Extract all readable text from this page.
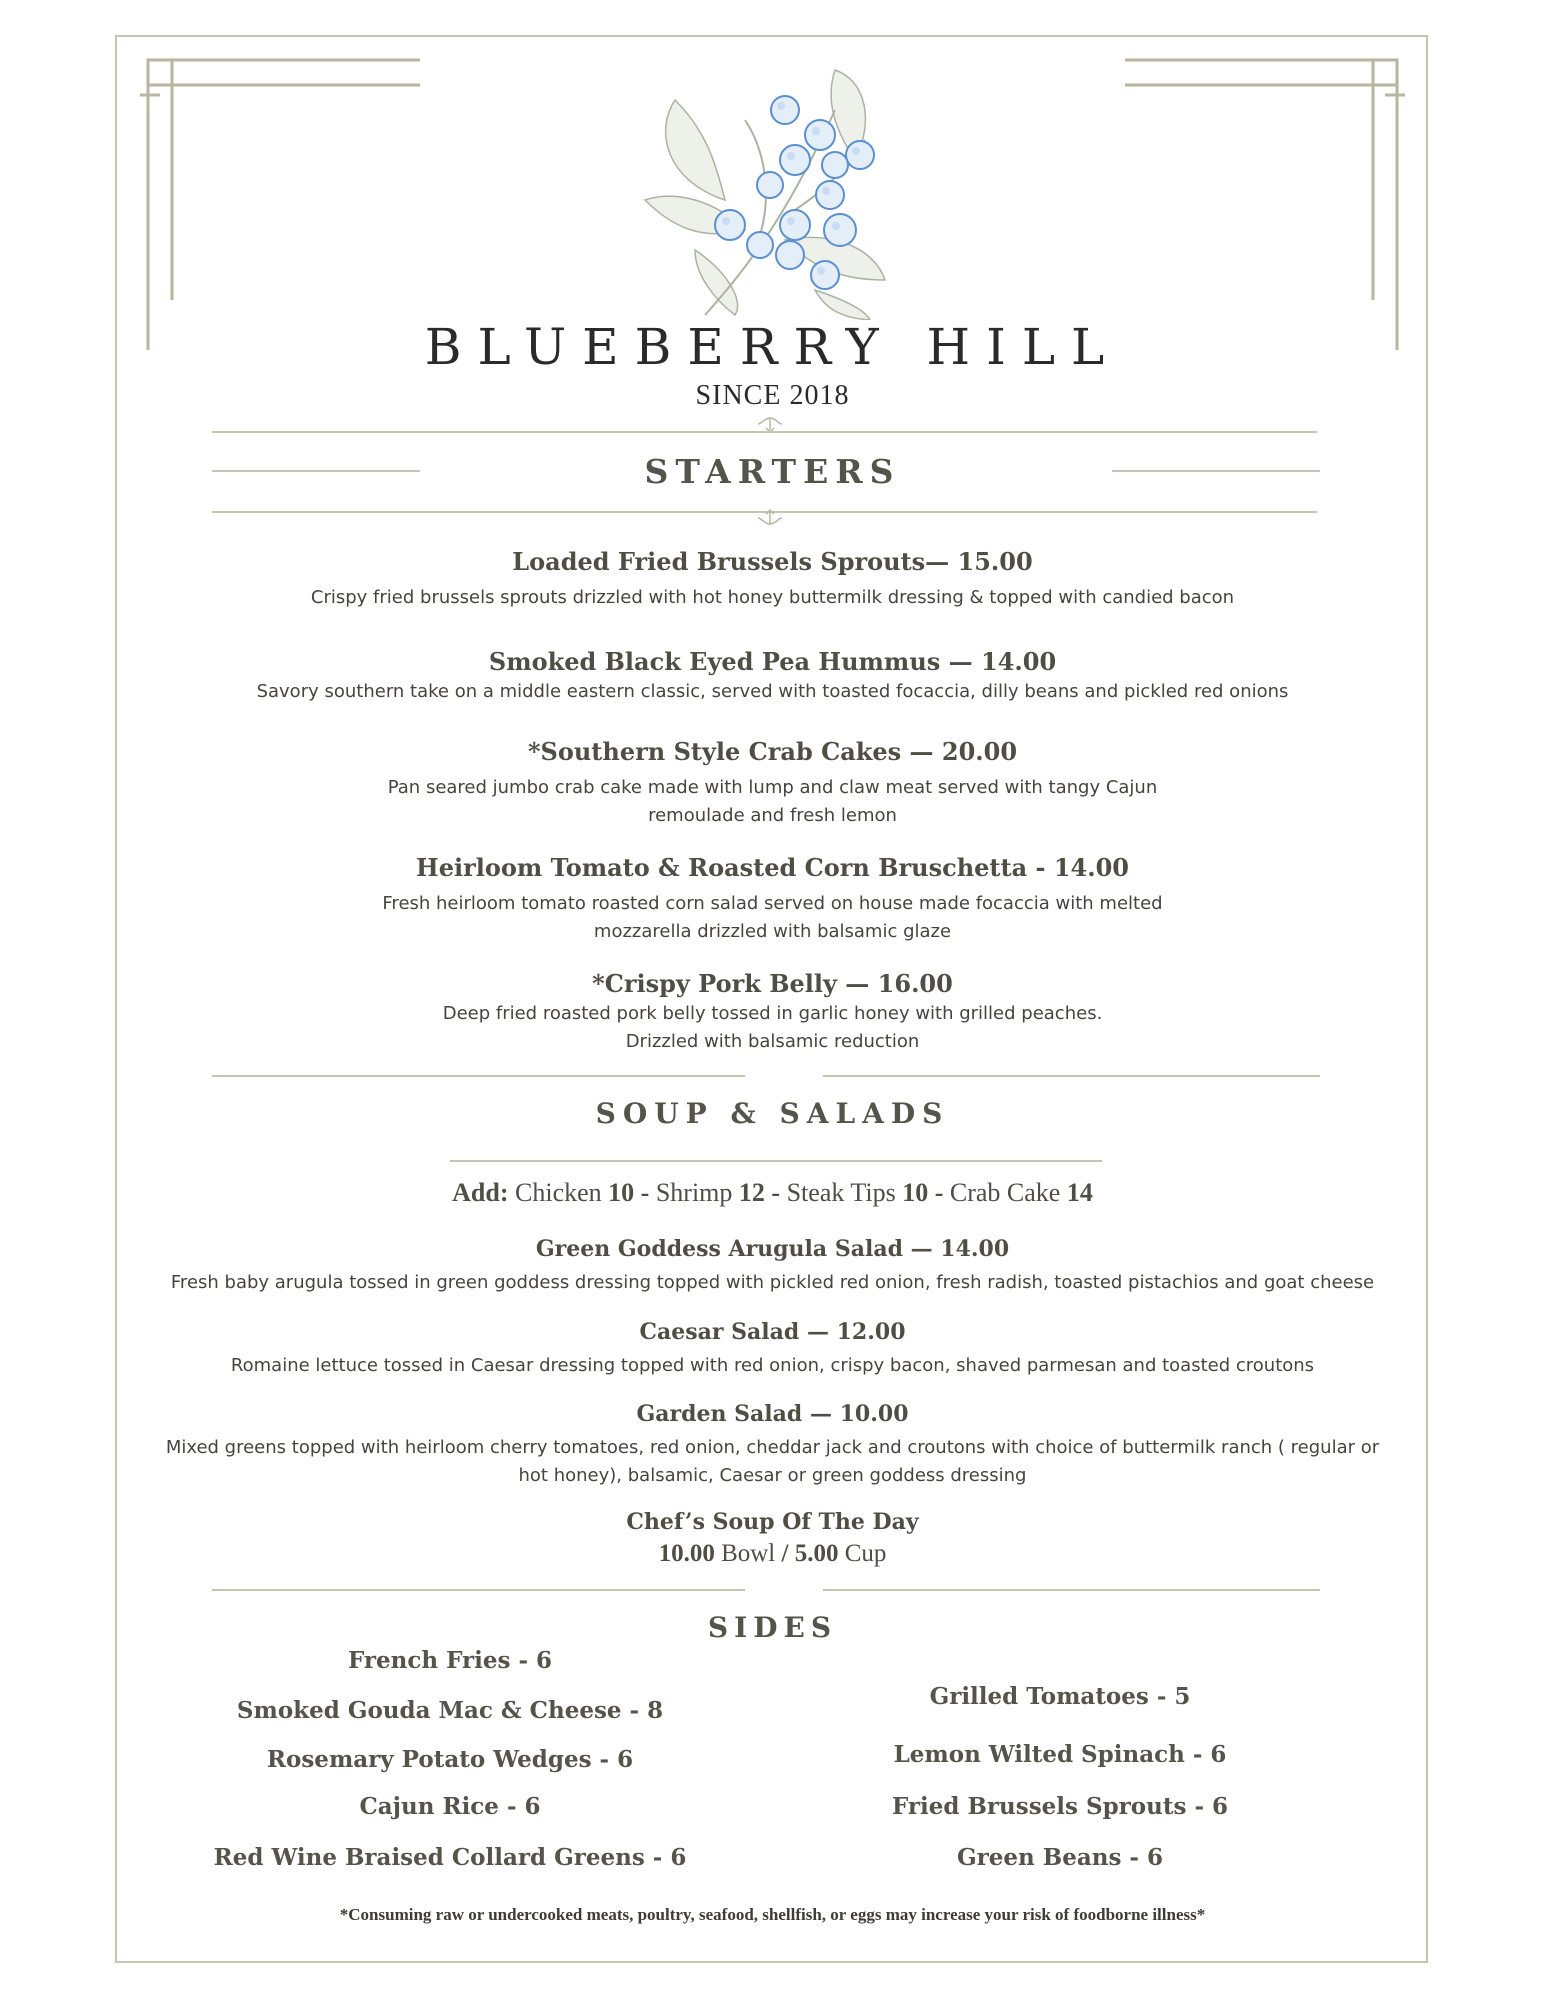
BLUEBERRY HILL
SINCE 2018
STARTERS
Loaded Fried Brussels Sprouts— 15.00
Crispy fried brussels sprouts drizzled with hot honey buttermilk dressing & topped with candied bacon
Smoked Black Eyed Pea Hummus — 14.00
Savory southern take on a middle eastern classic, served with toasted focaccia, dilly beans and pickled red onions
*Southern Style Crab Cakes — 20.00
Pan seared jumbo crab cake made with lump and claw meat served with tangy Cajun
remoulade and fresh lemon
Heirloom Tomato & Roasted Corn Bruschetta - 14.00
Fresh heirloom tomato roasted corn salad served on house made focaccia with melted
mozzarella drizzled with balsamic glaze
*Crispy Pork Belly — 16.00
Deep fried roasted pork belly tossed in garlic honey with grilled peaches.
Drizzled with balsamic reduction
SOUP & SALADS
Add: Chicken 10 - Shrimp 12 - Steak Tips 10 - Crab Cake 14
Green Goddess Arugula Salad — 14.00
Fresh baby arugula tossed in green goddess dressing topped with pickled red onion, fresh radish, toasted pistachios and goat cheese
Caesar Salad — 12.00
Romaine lettuce tossed in Caesar dressing topped with red onion, crispy bacon, shaved parmesan and toasted croutons
Garden Salad — 10.00
Mixed greens topped with heirloom cherry tomatoes, red onion, cheddar jack and croutons with choice of buttermilk ranch ( regular or
hot honey), balsamic, Caesar or green goddess dressing
Chef’s Soup Of The Day
10.00 Bowl / 5.00 Cup
SIDES
French Fries - 6
Smoked Gouda Mac & Cheese - 8
Rosemary Potato Wedges - 6
Cajun Rice - 6
Red Wine Braised Collard Greens - 6
Grilled Tomatoes - 5
Lemon Wilted Spinach - 6
Fried Brussels Sprouts - 6
Green Beans - 6
*Consuming raw or undercooked meats, poultry, seafood, shellfish, or eggs may increase your risk of foodborne illness*
